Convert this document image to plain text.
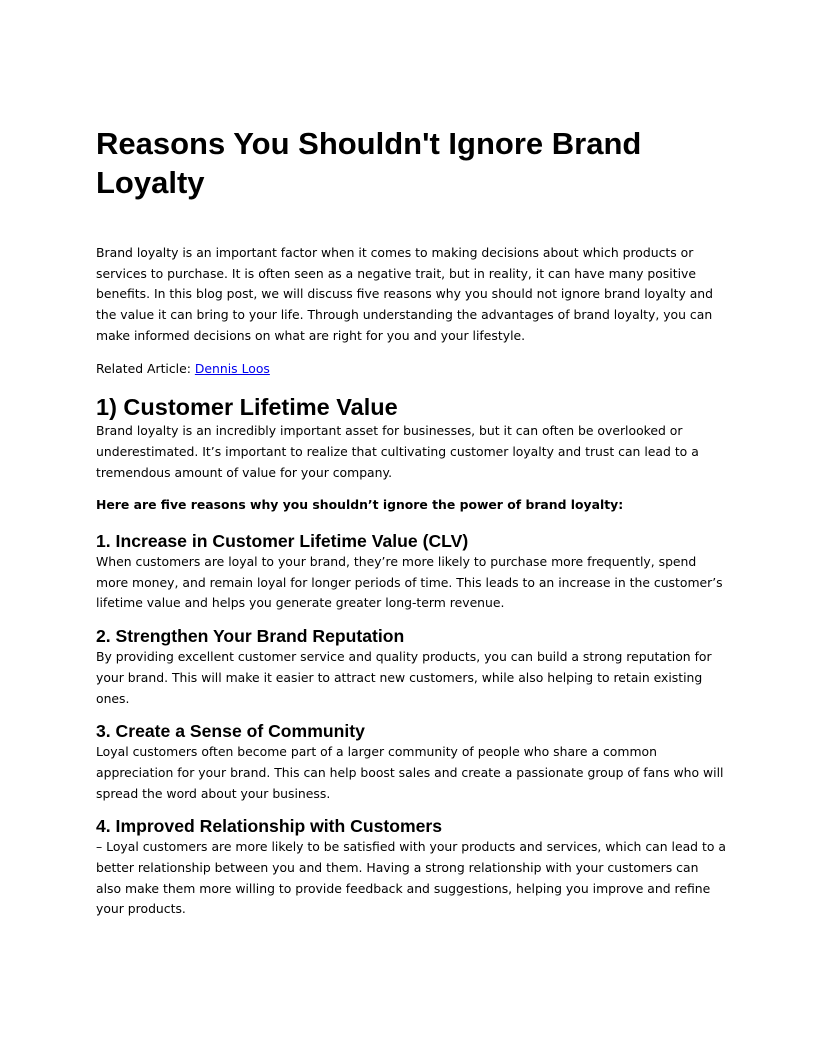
Reasons You Shouldn't Ignore Brand Loyalty

Brand loyalty is an important factor when it comes to making decisions about which products or services to purchase. It is often seen as a negative trait, but in reality, it can have many positive benefits. In this blog post, we will discuss five reasons why you should not ignore brand loyalty and the value it can bring to your life. Through understanding the advantages of brand loyalty, you can make informed decisions on what are right for you and your lifestyle.

Related Article: Dennis Loos

1) Customer Lifetime Value

Brand loyalty is an incredibly important asset for businesses, but it can often be overlooked or underestimated. It’s important to realize that cultivating customer loyalty and trust can lead to a tremendous amount of value for your company.

Here are five reasons why you shouldn’t ignore the power of brand loyalty:

1. Increase in Customer Lifetime Value (CLV)

When customers are loyal to your brand, they’re more likely to purchase more frequently, spend more money, and remain loyal for longer periods of time. This leads to an increase in the customer’s lifetime value and helps you generate greater long-term revenue.

2. Strengthen Your Brand Reputation

By providing excellent customer service and quality products, you can build a strong reputation for your brand. This will make it easier to attract new customers, while also helping to retain existing ones.

3. Create a Sense of Community

Loyal customers often become part of a larger community of people who share a common appreciation for your brand. This can help boost sales and create a passionate group of fans who will spread the word about your business.

4. Improved Relationship with Customers

– Loyal customers are more likely to be satisfied with your products and services, which can lead to a better relationship between you and them. Having a strong relationship with your customers can also make them more willing to provide feedback and suggestions, helping you improve and refine your products.
